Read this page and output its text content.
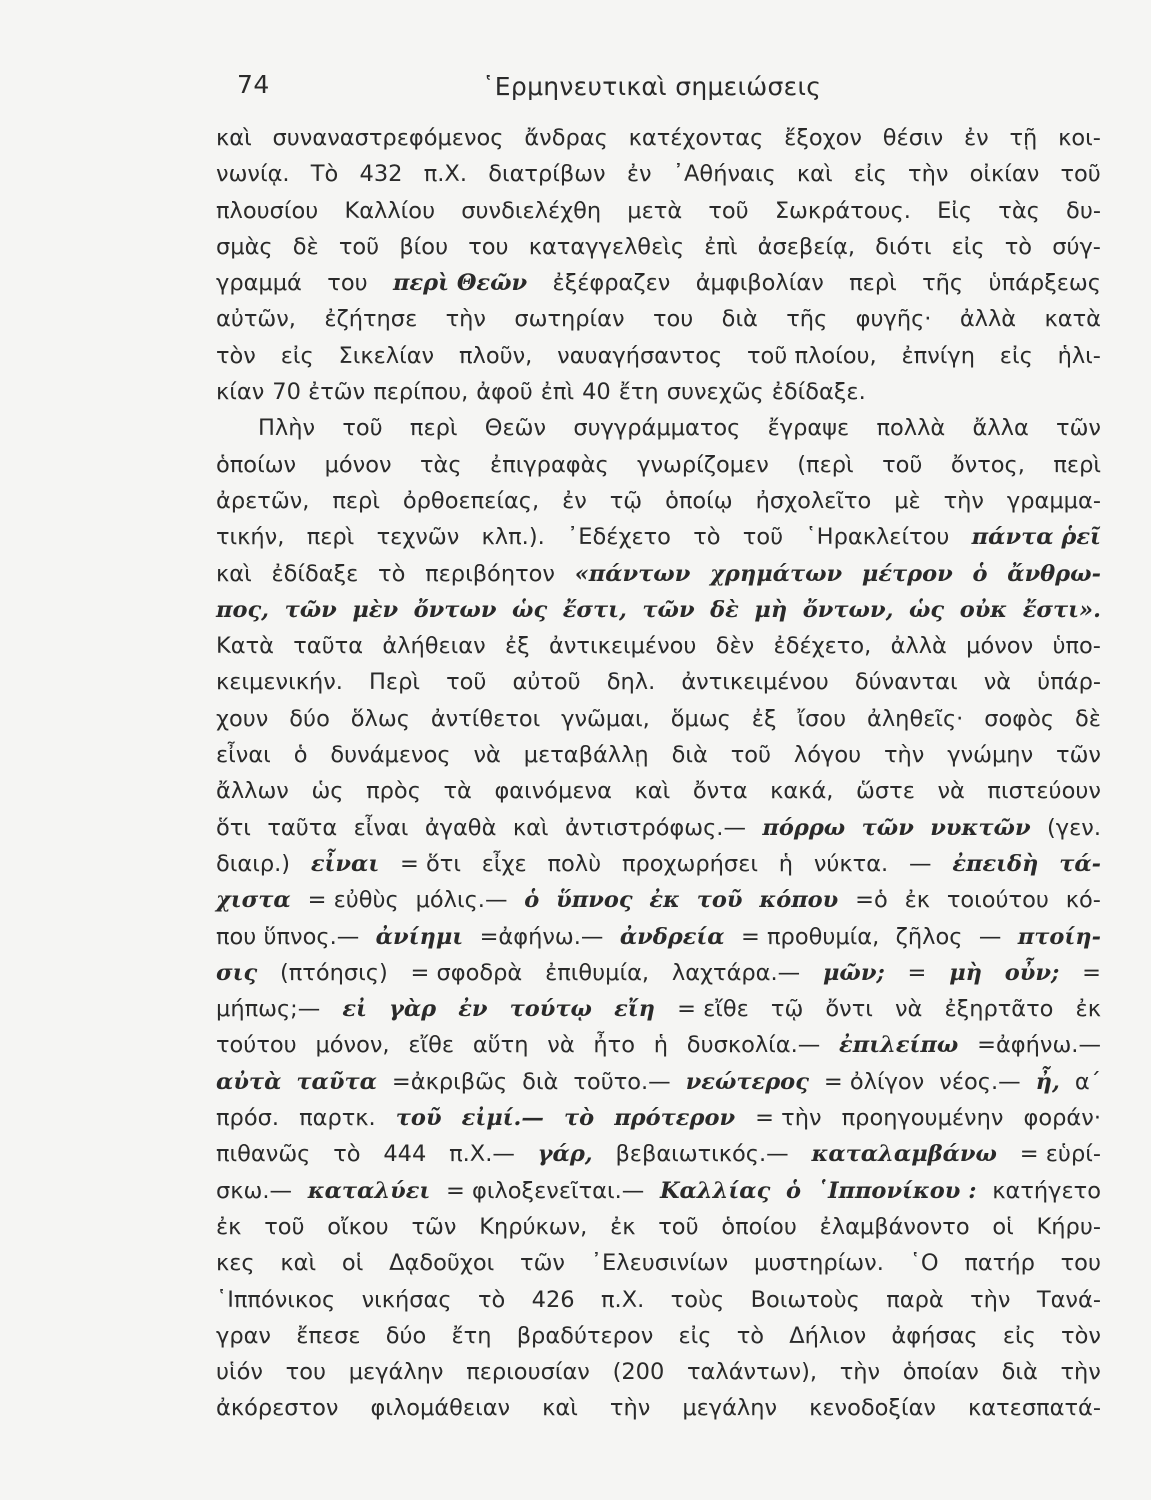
74	῾Ερμηνευτικαὶ σημειώσεις
καὶ συναναστρεφόμενος ἄνδρας κατέχοντας ἔξοχον θέσιν ἐν τῇ κοι-
νωνίᾳ. Τὸ 432 π.Χ. διατρίβων ἐν ᾿Αθήναις καὶ εἰς τὴν οἰκίαν τοῦ
πλουσίου Καλλίου συνδιελέχθη μετὰ τοῦ Σωκράτους. Εἰς τὰς δυ-
σμὰς δὲ τοῦ βίου του καταγγελθεὶς ἐπὶ ἀσεβείᾳ, διότι εἰς τὸ σύγ-
γραμμά του περὶ Θεῶν ἐξέφραζεν ἀμφιβολίαν περὶ τῆς ὑπάρξεως
αὐτῶν, ἐζήτησε τὴν σωτηρίαν του διὰ τῆς φυγῆς· ἀλλὰ κατὰ
τὸν εἰς Σικελίαν πλοῦν, ναυαγήσαντος τοῦ πλοίου, ἐπνίγη εἰς ἡλι-
κίαν 70 ἐτῶν περίπου, ἀφοῦ ἐπὶ 40 ἔτη συνεχῶς ἐδίδαξε.
Πλὴν τοῦ περὶ Θεῶν συγγράμματος ἔγραψε πολλὰ ἄλλα τῶν
ὁποίων μόνον τὰς ἐπιγραφὰς γνωρίζομεν (περὶ τοῦ ὄντος, περὶ
ἀρετῶν, περὶ ὀρθοεπείας, ἐν τῷ ὁποίῳ ἠσχολεῖτο μὲ τὴν γραμμα-
τικήν, περὶ τεχνῶν κλπ.). ᾿Εδέχετο τὸ τοῦ ῾Ηρακλείτου πάντα ῥεῖ
καὶ ἐδίδαξε τὸ περιβόητον «πάντων χρημάτων μέτρον ὁ ἄνθρω-
πος, τῶν μὲν ὄντων ὡς ἔστι, τῶν δὲ μὴ ὄντων, ὡς οὐκ ἔστι».
Κατὰ ταῦτα ἀλήθειαν ἐξ ἀντικειμένου δὲν ἐδέχετο, ἀλλὰ μόνον ὑπο-
κειμενικήν. Περὶ τοῦ αὐτοῦ δηλ. ἀντικειμένου δύνανται νὰ ὑπάρ-
χουν δύο ὅλως ἀντίθετοι γνῶμαι, ὅμως ἐξ ἴσου ἀληθεῖς· σοφὸς δὲ
εἶναι ὁ δυνάμενος νὰ μεταβάλλῃ διὰ τοῦ λόγου τὴν γνώμην τῶν
ἄλλων ὡς πρὸς τὰ φαινόμενα καὶ ὄντα κακά, ὥστε νὰ πιστεύουν
ὅτι ταῦτα εἶναι ἀγαθὰ καὶ ἀντιστρόφως.— πόρρω τῶν νυκτῶν (γεν.
διαιρ.) εἶναι = ὅτι εἶχε πολὺ προχωρήσει ἡ νύκτα. — ἐπειδὴ τά-
χιστα = εὐθὺς μόλις.— ὁ ὕπνος ἐκ τοῦ κόπου =ὁ ἐκ τοιούτου κό-
που ὕπνος.— ἀνίημι =ἀφήνω.— ἀνδρεία = προθυμία, ζῆλος — πτοίη-
σις (πτόησις) = σφοδρὰ ἐπιθυμία, λαχτάρα.— μῶν; = μὴ οὖν; =
μήπως;— εἰ γὰρ ἐν τούτῳ εἴη = εἴθε τῷ ὄντι νὰ ἐξηρτᾶτο ἐκ
τούτου μόνον, εἴθε αὕτη νὰ ἦτο ἡ δυσκολία.— ἐπιλείπω =ἀφήνω.—
αὐτὰ ταῦτα =ἀκριβῶς διὰ τοῦτο.— νεώτερος = ὀλίγον νέος.— ἦ, α΄
πρόσ. παρτκ. τοῦ εἰμί.— τὸ πρότερον = τὴν προηγουμένην φοράν·
πιθανῶς τὸ 444 π.Χ.— γάρ, βεβαιωτικός.— καταλαμβάνω = εὑρί-
σκω.— καταλύει = φιλοξενεῖται.— Καλλίας ὁ ῾Ιππονίκου : κατήγετο
ἐκ τοῦ οἴκου τῶν Κηρύκων, ἐκ τοῦ ὁποίου ἐλαμβάνοντο οἱ Κήρυ-
κες καὶ οἱ Δᾳδοῦχοι τῶν ᾿Ελευσινίων μυστηρίων. ῾Ο πατήρ του
῾Ιππόνικος νικήσας τὸ 426 π.Χ. τοὺς Βοιωτοὺς παρὰ τὴν Τανά-
γραν ἔπεσε δύο ἔτη βραδύτερον εἰς τὸ Δήλιον ἀφήσας εἰς τὸν
υἱόν του μεγάλην περιουσίαν (200 ταλάντων), τὴν ὁποίαν διὰ τὴν
ἀκόρεστον φιλομάθειαν καὶ τὴν μεγάλην κενοδοξίαν κατεσπατά-
